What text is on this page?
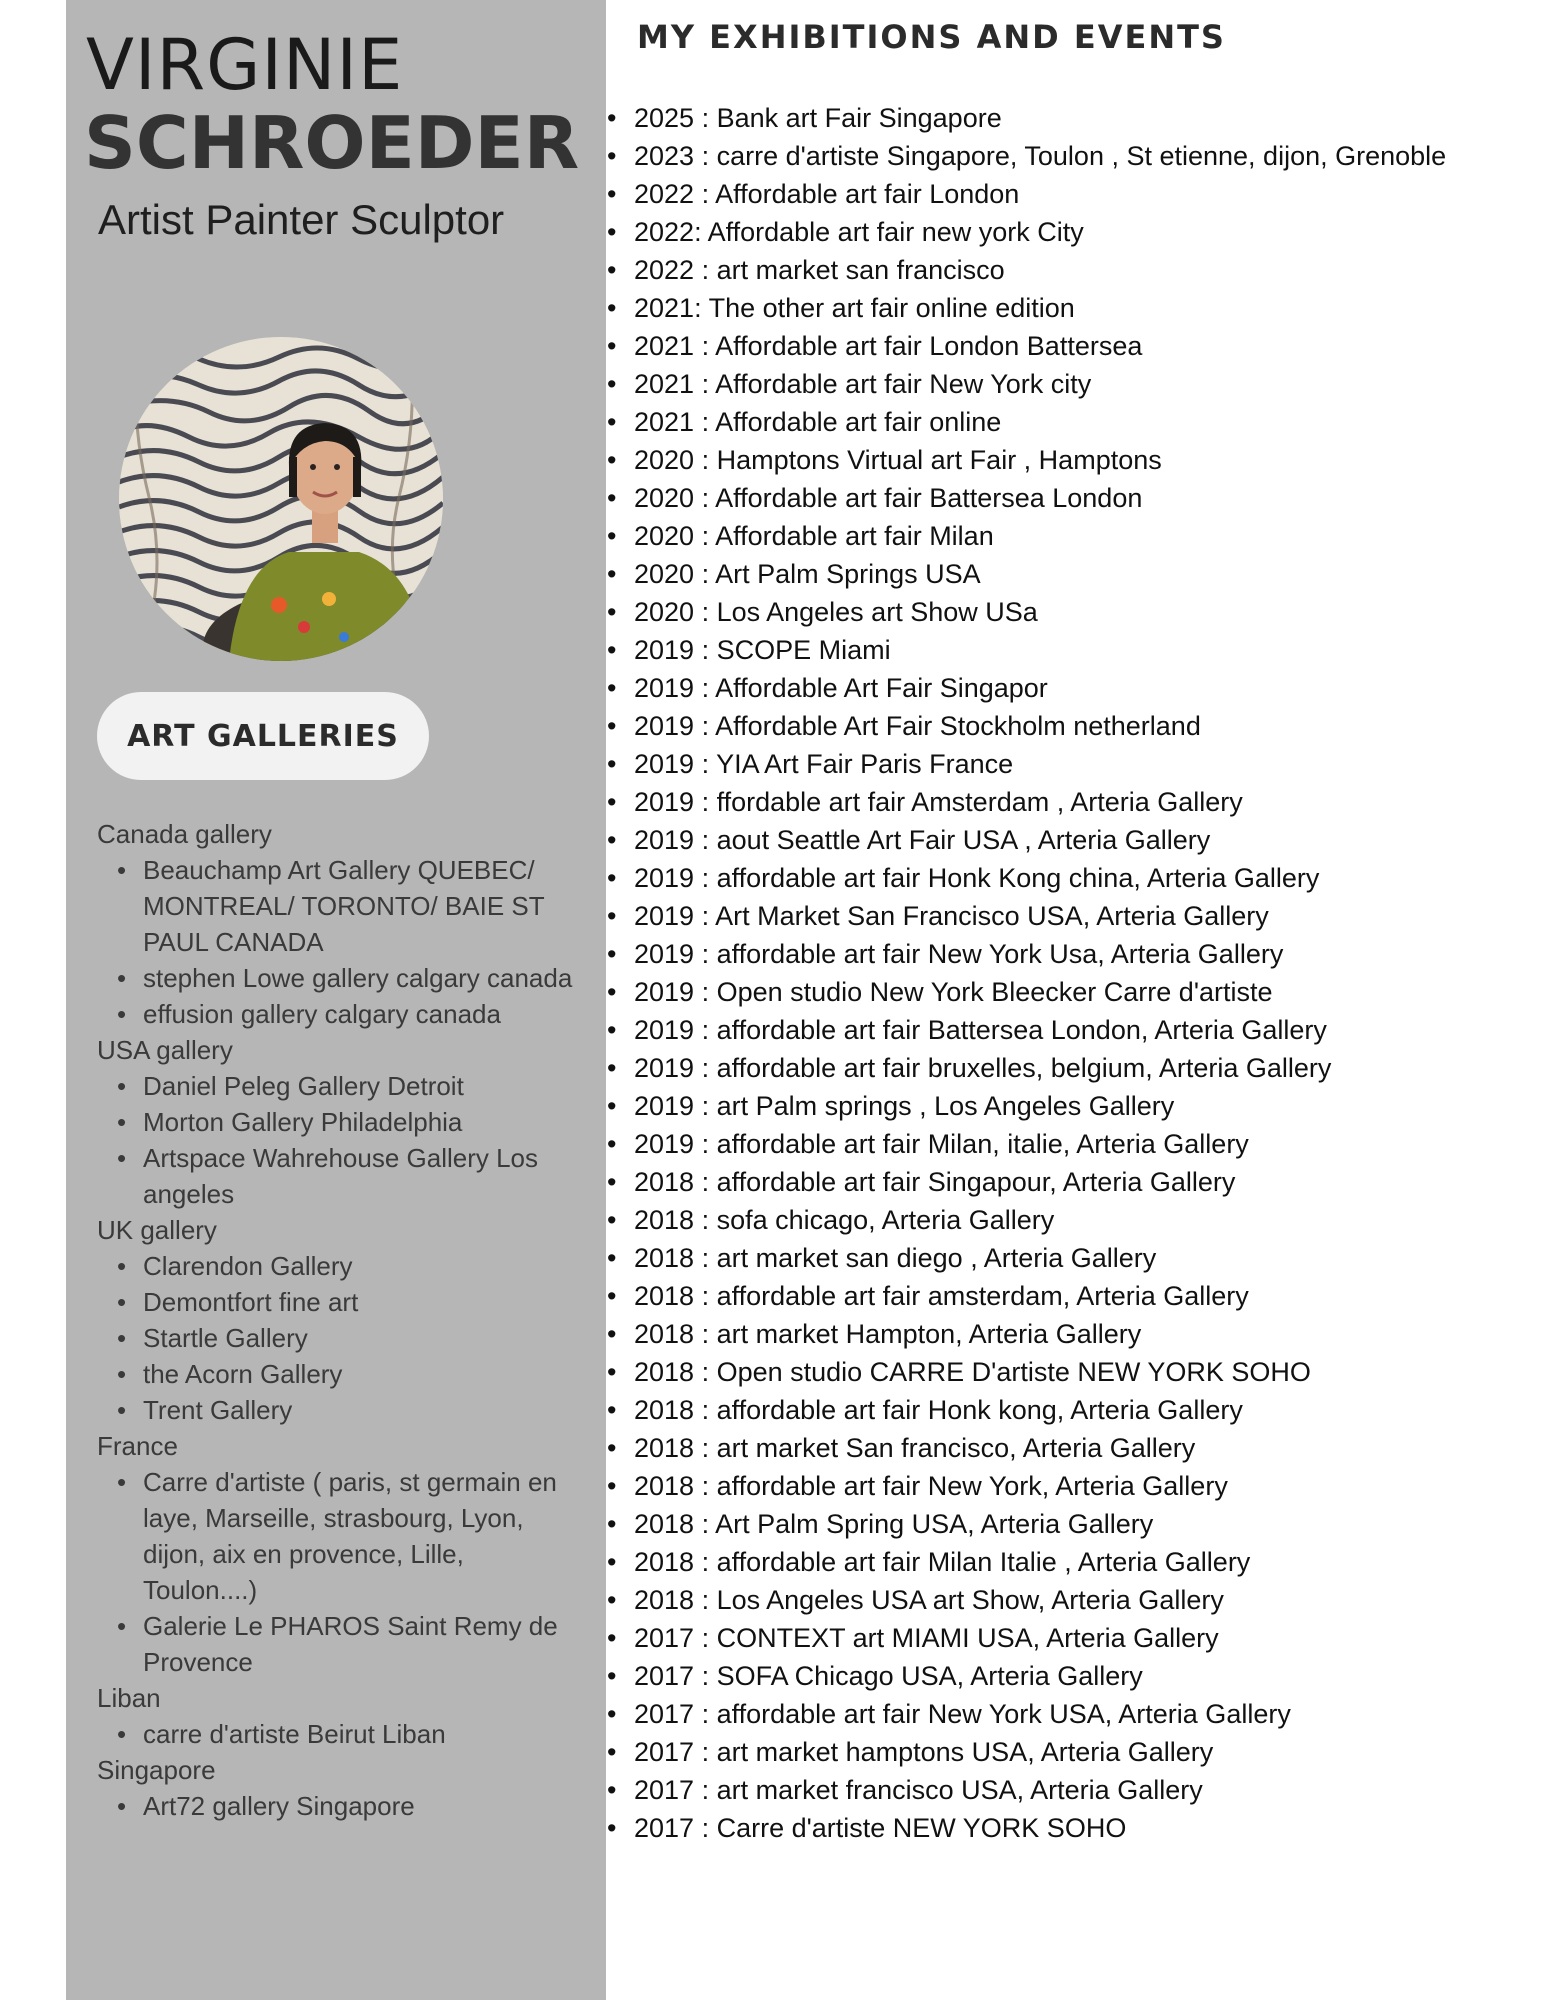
VIRGINIE
SCHROEDER
Artist Painter Sculptor
ART GALLERIES

Canada gallery

• Beauchamp Art Gallery QUEBEC/ MONTREAL/ TORONTO/ BAIE ST PAUL CANADA
• stephen Lowe gallery calgary canada
• effusion gallery calgary canada

USA gallery

• Daniel Peleg Gallery Detroit
• Morton Gallery Philadelphia
• Artspace Wahrehouse Gallery Los angeles

UK gallery

• Clarendon Gallery
• Demontfort fine art
• Startle Gallery
• the Acorn Gallery
• Trent Gallery

France

• Carre d'artiste ( paris, st germain en laye, Marseille, strasbourg, Lyon, dijon, aix en provence, Lille, Toulon....)
• Galerie Le PHAROS Saint Remy de Provence

Liban

• carre d'artiste Beirut Liban

Singapore

• Art72 gallery Singapore
MY EXHIBITIONS AND EVENTS
• 2025 : Bank art Fair Singapore
• 2023 : carre d'artiste Singapore, Toulon , St etienne, dijon, Grenoble
• 2022 : Affordable art fair London
• 2022: Affordable art fair new york City
• 2022 : art market san francisco
• 2021: The other art fair online edition
• 2021 : Affordable art fair London Battersea
• 2021 : Affordable art fair New York city
• 2021 : Affordable art fair online
• 2020 : Hamptons Virtual art Fair , Hamptons
• 2020 : Affordable art fair Battersea London
• 2020 : Affordable art fair Milan
• 2020 : Art Palm Springs USA
• 2020 : Los Angeles art Show USa
• 2019 : SCOPE Miami
• 2019 : Affordable Art Fair Singapor
• 2019 : Affordable Art Fair Stockholm netherland
• 2019 : YIA Art Fair Paris France
• 2019 : ffordable art fair Amsterdam , Arteria Gallery
• 2019 : aout Seattle Art Fair USA , Arteria Gallery
• 2019 : affordable art fair Honk Kong china, Arteria Gallery
• 2019 : Art Market San Francisco USA, Arteria Gallery
• 2019 : affordable art fair New York Usa, Arteria Gallery
• 2019 : Open studio New York Bleecker Carre d'artiste
• 2019 : affordable art fair Battersea London, Arteria Gallery
• 2019 : affordable art fair bruxelles, belgium, Arteria Gallery
• 2019 : art Palm springs , Los Angeles Gallery
• 2019 : affordable art fair Milan, italie, Arteria Gallery
• 2018 : affordable art fair Singapour, Arteria Gallery
• 2018 : sofa chicago, Arteria Gallery
• 2018 : art market san diego , Arteria Gallery
• 2018 : affordable art fair amsterdam, Arteria Gallery
• 2018 : art market Hampton, Arteria Gallery
• 2018 : Open studio CARRE D'artiste NEW YORK SOHO
• 2018 : affordable art fair Honk kong, Arteria Gallery
• 2018 : art market San francisco, Arteria Gallery
• 2018 : affordable art fair New York, Arteria Gallery
• 2018 : Art Palm Spring USA, Arteria Gallery
• 2018 : affordable art fair Milan Italie , Arteria Gallery
• 2018 : Los Angeles USA art Show, Arteria Gallery
• 2017 : CONTEXT art MIAMI USA, Arteria Gallery
• 2017 : SOFA Chicago USA, Arteria Gallery
• 2017 : affordable art fair New York USA, Arteria Gallery
• 2017 : art market hamptons USA, Arteria Gallery
• 2017 : art market francisco USA, Arteria Gallery
• 2017 : Carre d'artiste NEW YORK SOHO
